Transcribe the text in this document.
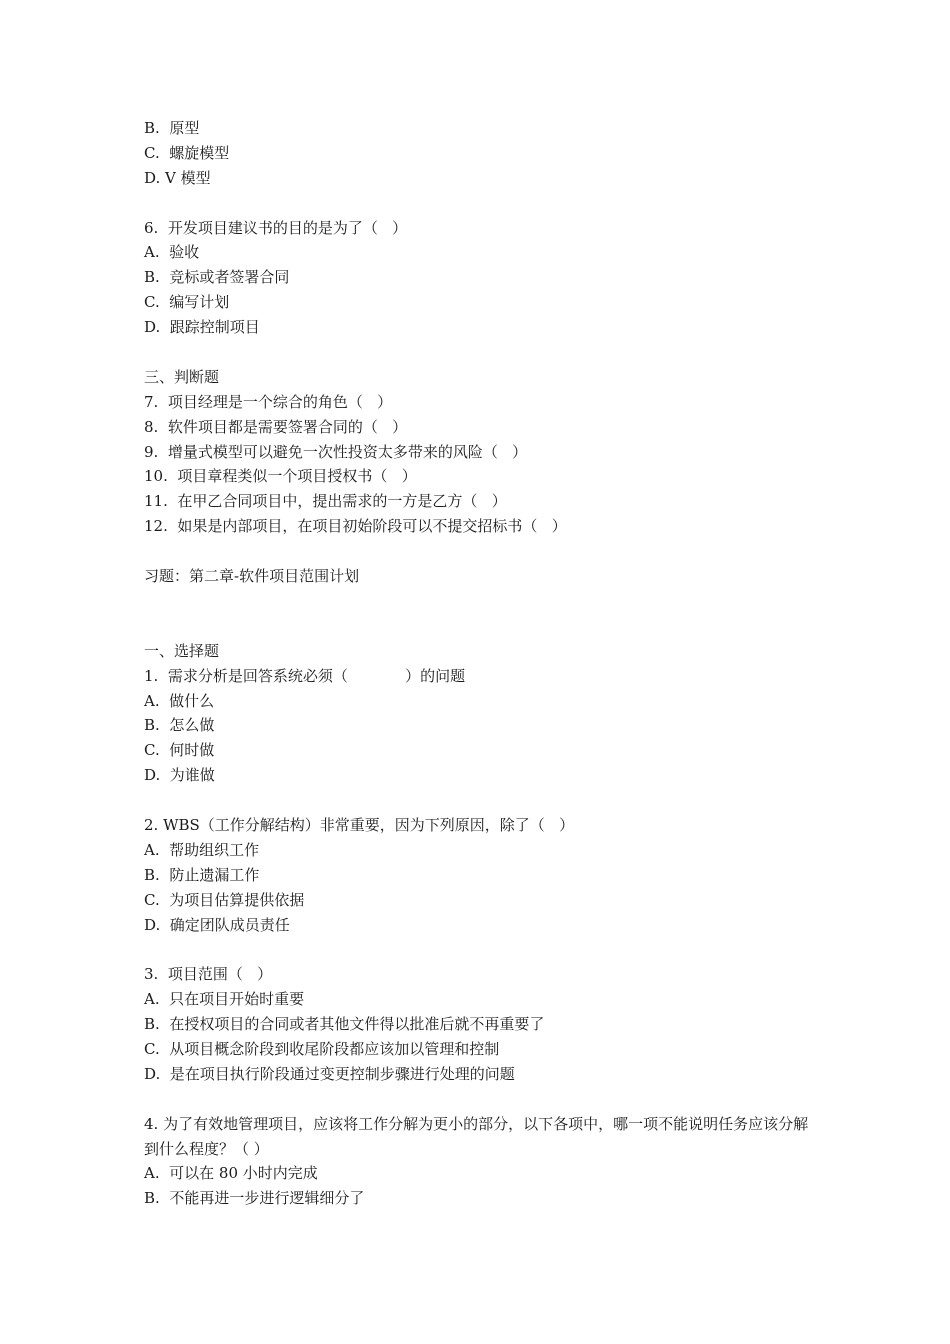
B.  原型
C.  螺旋模型
D. V 模型
6.  开发项目建议书的目的是为了（   ）
A.  验收
B.  竞标或者签署合同
C.  编写计划
D.  跟踪控制项目
三、判断题
7.  项目经理是一个综合的角色（   ）
8.  软件项目都是需要签署合同的（   ）
9.  增量式模型可以避免一次性投资太多带来的风险（   ）
10.  项目章程类似一个项目授权书（   ）
11.  在甲乙合同项目中，提出需求的一方是乙方（   ）
12.  如果是内部项目，在项目初始阶段可以不提交招标书（   ）
习题：第二章-软件项目范围计划
一、选择题
1.  需求分析是回答系统必须（            ）的问题
A.  做什么
B.  怎么做
C.  何时做
D.  为谁做
2. WBS（工作分解结构）非常重要，因为下列原因，除了（   ）
A.  帮助组织工作
B.  防止遗漏工作
C.  为项目估算提供依据
D.  确定团队成员责任
3.  项目范围（   ）
A.  只在项目开始时重要
B.  在授权项目的合同或者其他文件得以批准后就不再重要了
C.  从项目概念阶段到收尾阶段都应该加以管理和控制
D.  是在项目执行阶段通过变更控制步骤进行处理的问题
4. 为了有效地管理项目，应该将工作分解为更小的部分，以下各项中，哪一项不能说明任务应该分解到什么程度？（ ）
A.  可以在 80 小时内完成
B.  不能再进一步进行逻辑细分了
